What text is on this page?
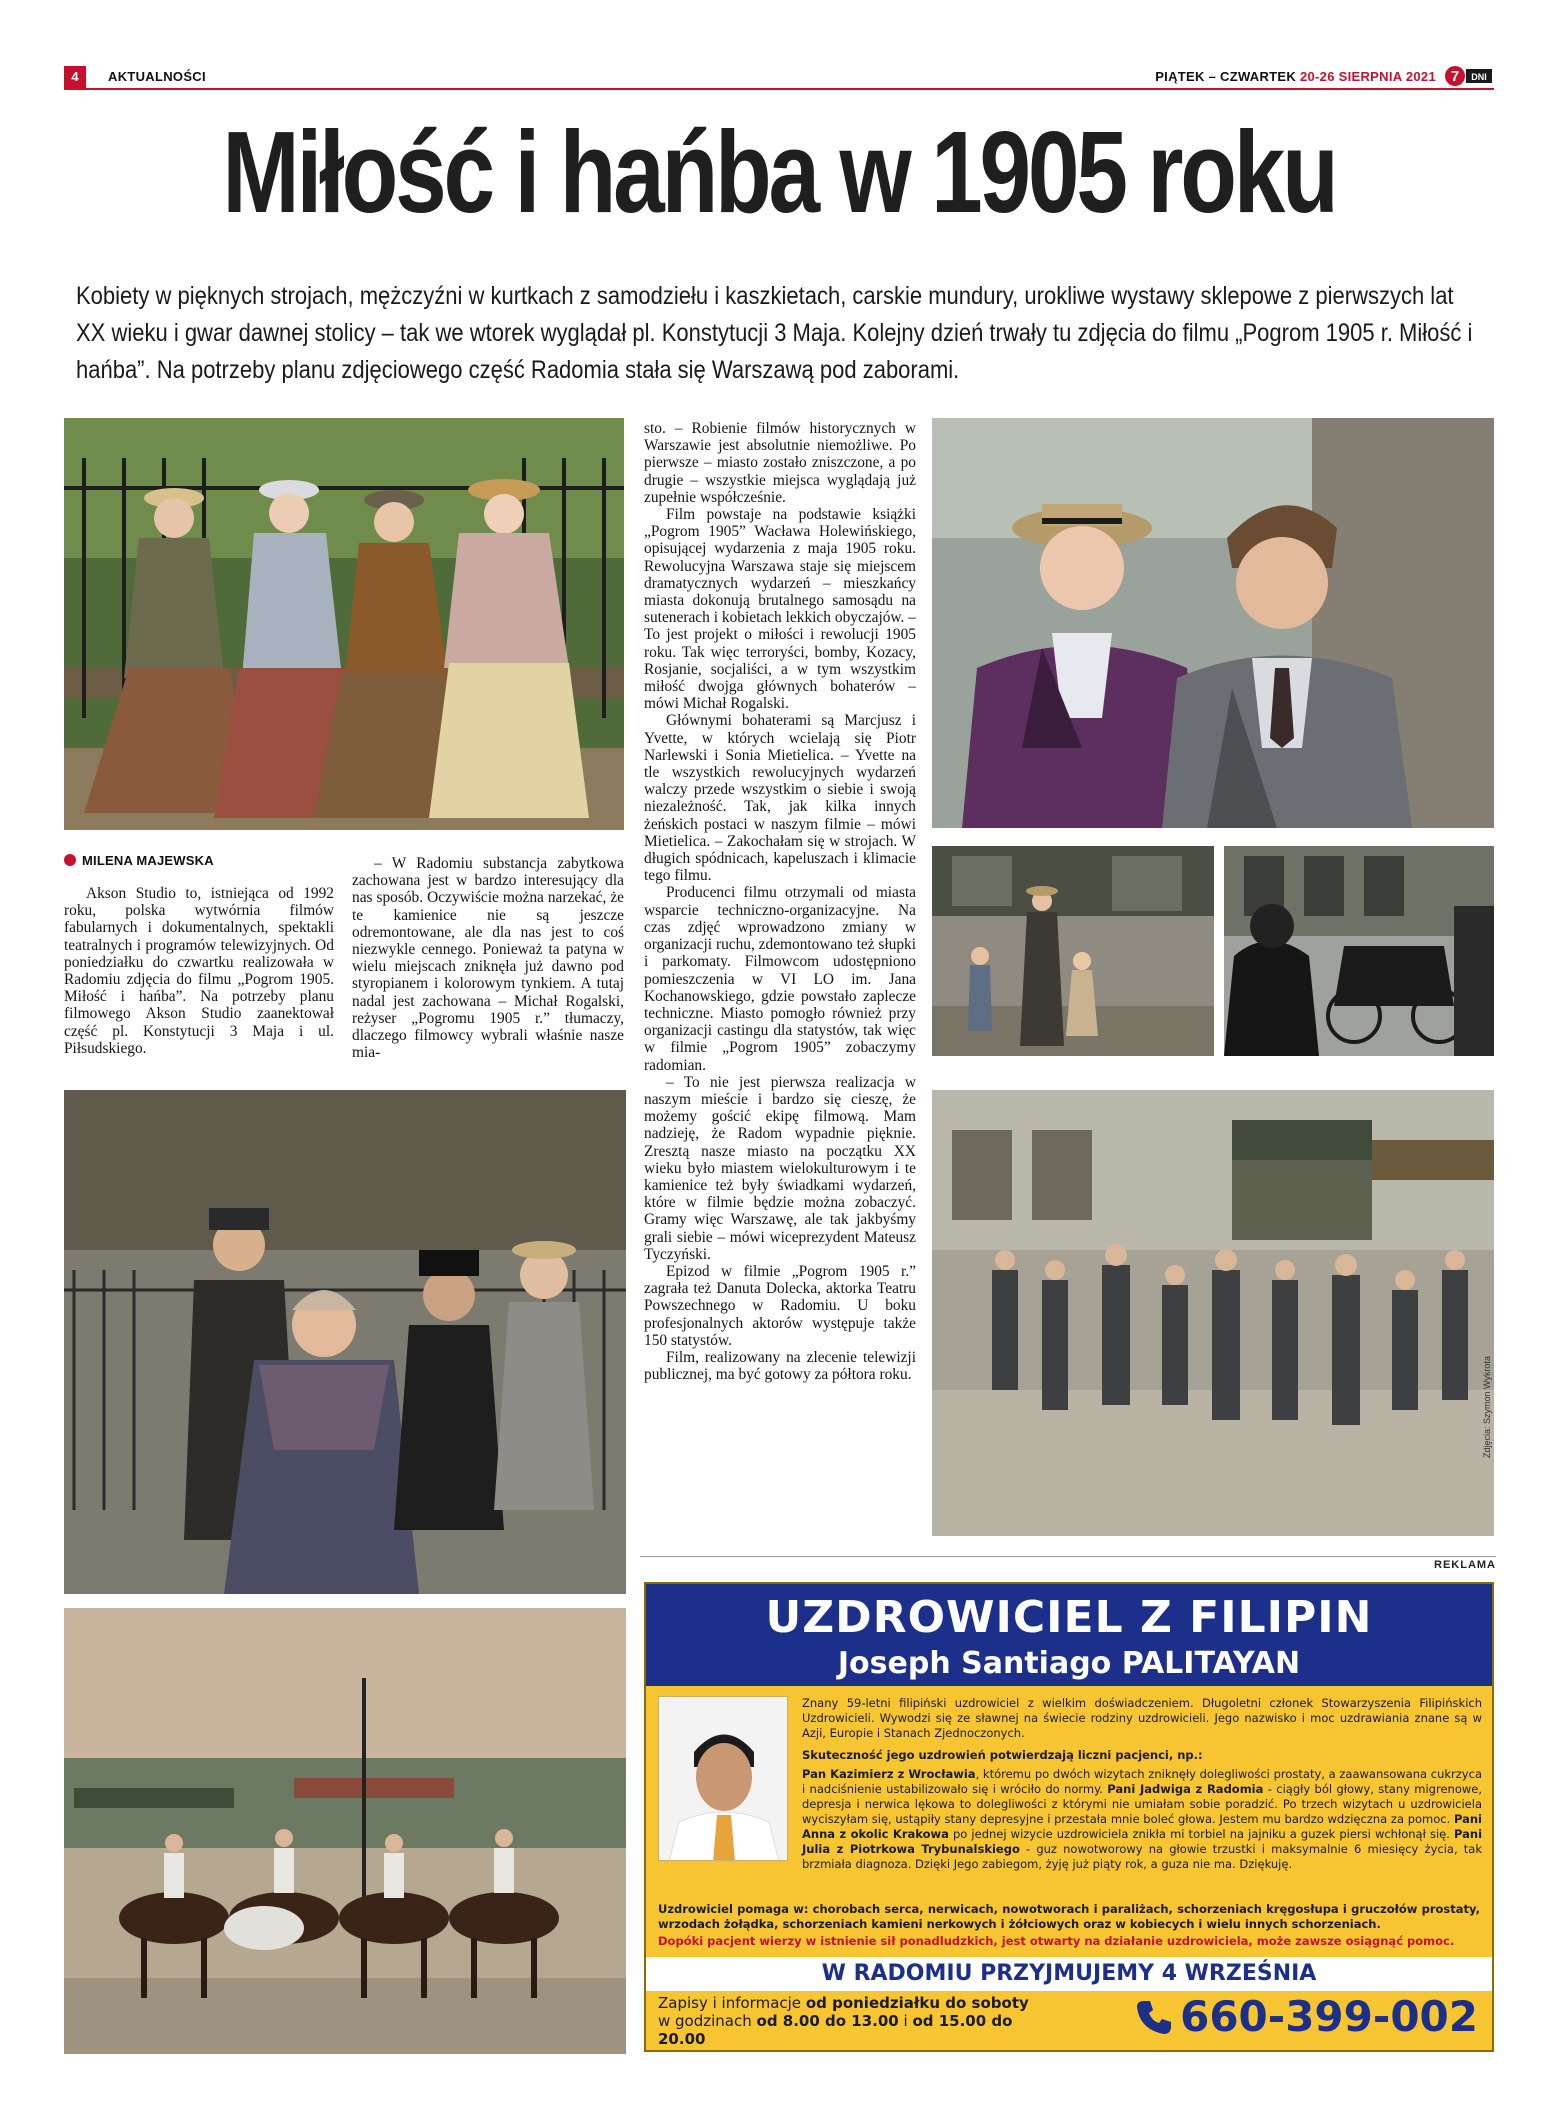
4	AKTUALNOŚCI	PIĄTEK – CZWARTEK 20-26 SIERPNIA 2021 7 DNI
Miłość i hańba w 1905 roku
Kobiety w pięknych strojach, mężczyźni w kurtkach z samodziełu i kaszkietach, carskie mundury, urokliwe wystawy sklepowe z pierwszych lat XX wieku i gwar dawnej stolicy – tak we wtorek wyglądał pl. Konstytucji 3 Maja. Kolejny dzień trwały tu zdjęcia do filmu „Pogrom 1905 r. Miłość i hańba”. Na potrzeby planu zdjęciowego część Radomia stała się Warszawą pod zaborami.
MILENA MAJEWSKA

Akson Studio to, istniejąca od 1992 roku, polska wytwórnia filmów fabularnych i dokumentalnych, spektakli teatralnych i programów telewizyjnych. Od poniedziałku do czwartku realizowała w Radomiu zdjęcia do filmu „Pogrom 1905. Miłość i hańba”. Na potrzeby planu filmowego Akson Studio zaanektował część pl. Konstytucji 3 Maja i ul. Piłsudskiego.

– W Radomiu substancja zabytkowa zachowana jest w bardzo interesujący dla nas sposób. Oczywiście można narzekać, że te kamienice nie są jeszcze odremontowane, ale dla nas jest to coś niezwykle cennego. Ponieważ ta patyna w wielu miejscach zniknęła już dawno pod styropianem i kolorowym tynkiem. A tutaj nadal jest zachowana – Michał Rogalski, reżyser „Pogromu 1905 r.” tłumaczy, dlaczego filmowcy wybrali właśnie nasze mia-

sto. – Robienie filmów historycznych w Warszawie jest absolutnie niemożliwe. Po pierwsze – miasto zostało zniszczone, a po drugie – wszystkie miejsca wyglądają już zupełnie współcześnie.

Film powstaje na podstawie książki „Pogrom 1905” Wacława Holewińskiego, opisującej wydarzenia z maja 1905 roku. Rewolucyjna Warszawa staje się miejscem dramatycznych wydarzeń – mieszkańcy miasta dokonują brutalnego samosądu na sutenerach i kobietach lekkich obyczajów. – To jest projekt o miłości i rewolucji 1905 roku. Tak więc terroryści, bomby, Kozacy, Rosjanie, socjaliści, a w tym wszystkim miłość dwojga głównych bohaterów – mówi Michał Rogalski.

Głównymi bohaterami są Marcjusz i Yvette, w których wcielają się Piotr Narlewski i Sonia Mietielica. – Yvette na tle wszystkich rewolucyjnych wydarzeń walczy przede wszystkim o siebie i swoją niezależność. Tak, jak kilka innych żeńskich postaci w naszym filmie – mówi Mietielica. – Zakochałam się w strojach. W długich spódnicach, kapeluszach i klimacie tego filmu.

Producenci filmu otrzymali od miasta wsparcie techniczno-organizacyjne. Na czas zdjęć wprowadzono zmiany w organizacji ruchu, zdemontowano też słupki i parkomaty. Filmowcom udostępniono pomieszczenia w VI LO im. Jana Kochanowskiego, gdzie powstało zaplecze techniczne. Miasto pomogło również przy organizacji castingu dla statystów, tak więc w filmie „Pogrom 1905” zobaczymy radomian.

– To nie jest pierwsza realizacja w naszym mieście i bardzo się cieszę, że możemy gościć ekipę filmową. Mam nadzieję, że Radom wypadnie pięknie. Zresztą nasze miasto na początku XX wieku było miastem wielokulturowym i te kamienice też były świadkami wydarzeń, które w filmie będzie można zobaczyć. Gramy więc Warszawę, ale tak jakbyśmy grali siebie – mówi wiceprezydent Mateusz Tyczyński.

Epizod w filmie „Pogrom 1905 r.” zagrała też Danuta Dolecka, aktorka Teatru Powszechnego w Radomiu. U boku profesjonalnych aktorów występuje także 150 statystów.

Film, realizowany na zlecenie telewizji publicznej, ma być gotowy za półtora roku.	Zdjęcia: Szymon Wykrota
REKLAMA
UZDROWICIEL Z FILIPIN
Joseph Santiago PALITAYAN
Znany 59-letni filipiński uzdrowiciel z wielkim doświadczeniem. Długoletni członek Stowarzyszenia Filipińskich Uzdrowicieli. Wywodzi się ze sławnej na świecie rodziny uzdrowicieli. Jego nazwisko i moc uzdrawiania znane są w Azji, Europie i Stanach Zjednoczonych.
Skuteczność jego uzdrowień potwierdzają liczni pacjenci, np.:
Pan Kazimierz z Wrocławia, któremu po dwóch wizytach zniknęły dolegliwości prostaty, a zaawansowana cukrzyca i nadciśnienie ustabilizowało się i wróciło do normy. Pani Jadwiga z Radomia - ciągły ból głowy, stany migrenowe, depresja i nerwica lękowa to dolegliwości z którymi nie umiałam sobie poradzić. Po trzech wizytach u uzdrowiciela wyciszyłam się, ustąpiły stany depresyjne i przestała mnie boleć głowa. Jestem mu bardzo wdzięczna za pomoc. Pani Anna z okolic Krakowa po jednej wizycie uzdrowiciela znikła mi torbiel na jajniku a guzek piersi wchłonął się. Pani Julia z Piotrkowa Trybunalskiego - guz nowotworowy na głowie trzustki i maksymalnie 6 miesięcy życia, tak brzmiała diagnoza. Dzięki Jego zabiegom, żyję już piąty rok, a guza nie ma. Dziękuję.
Uzdrowiciel pomaga w: chorobach serca, nerwicach, nowotworach i paraliżach, schorzeniach kręgosłupa i gruczołów prostaty, wrzodach żołądka, schorzeniach kamieni nerkowych i żółciowych oraz w kobiecych i wielu innych schorzeniach.
Dopóki pacjent wierzy w istnienie sił ponadludzkich, jest otwarty na działanie uzdrowiciela, może zawsze osiągnąć pomoc.
W RADOMIU PRZYJMUJEMY 4 WRZEŚNIA
Zapisy i informacje od poniedziałku do soboty
w godzinach od 8.00 do 13.00 i od 15.00 do 20.00	660-399-002
